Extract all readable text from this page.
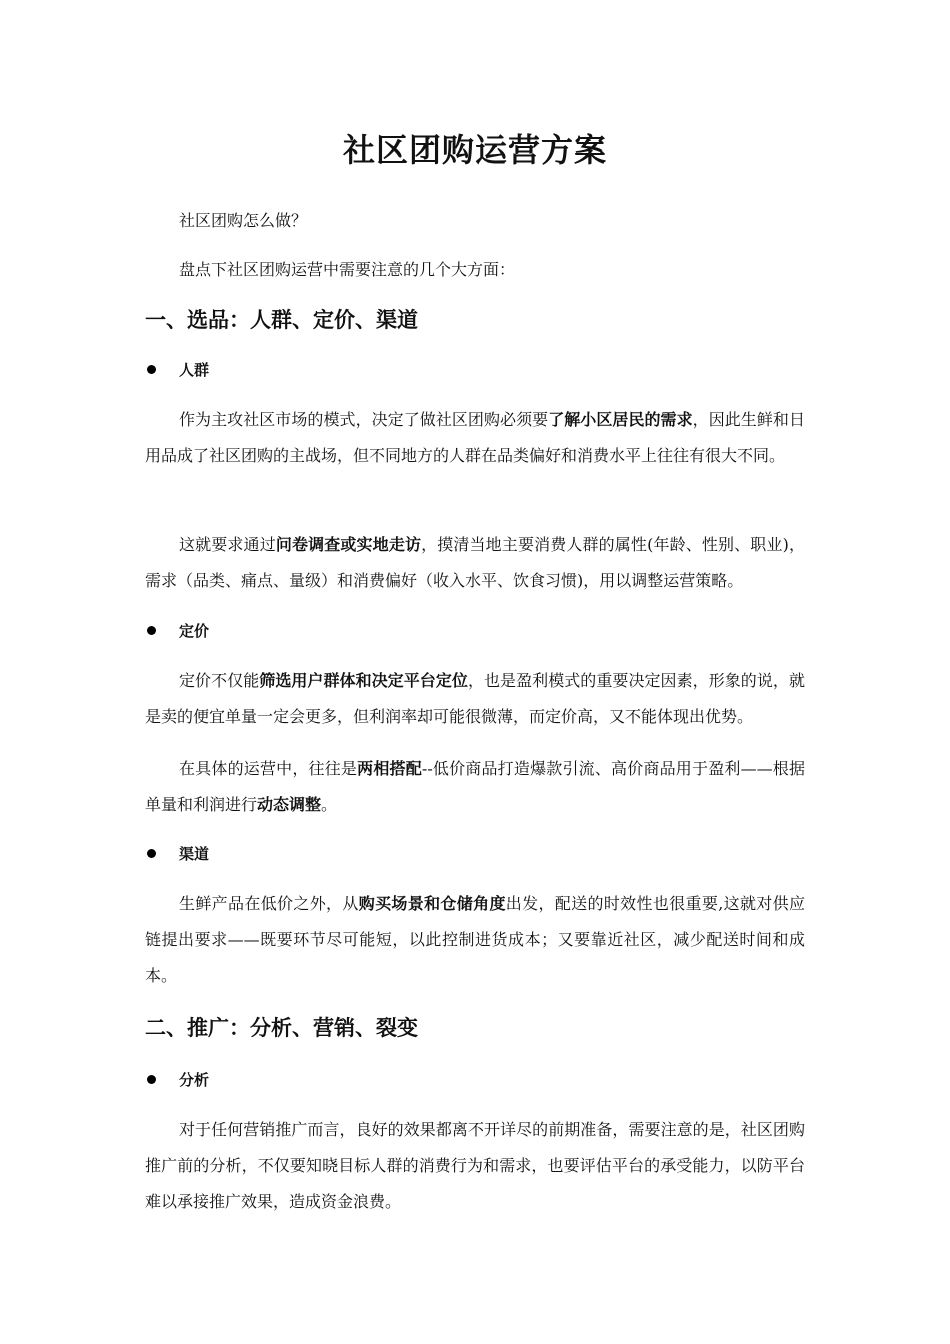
社区团购运营方案

社区团购怎么做？

盘点下社区团购运营中需要注意的几个大方面：

一、选品：人群、定价、渠道
人群

作为主攻社区市场的模式，决定了做社区团购必须要了解小区居民的需求，因此生鲜和日用品成了社区团购的主战场，但不同地方的人群在品类偏好和消费水平上往往有很大不同。

这就要求通过问卷调查或实地走访，摸清当地主要消费人群的属性(年龄、性别、职业)，需求（品类、痛点、量级）和消费偏好（收入水平、饮食习惯)，用以调整运营策略。

定价

定价不仅能筛选用户群体和决定平台定位，也是盈利模式的重要决定因素，形象的说，就是卖的便宜单量一定会更多，但利润率却可能很微薄，而定价高，又不能体现出优势。

在具体的运营中，往往是两相搭配--低价商品打造爆款引流、高价商品用于盈利——根据单量和利润进行动态调整。

渠道

生鲜产品在低价之外，从购买场景和仓储角度出发，配送的时效性也很重要,这就对供应链提出要求——既要环节尽可能短，以此控制进货成本；又要靠近社区，减少配送时间和成本。

二、推广：分析、营销、裂变
分析

对于任何营销推广而言，良好的效果都离不开详尽的前期准备，需要注意的是，社区团购推广前的分析，不仅要知晓目标人群的消费行为和需求，也要评估平台的承受能力，以防平台难以承接推广效果，造成资金浪费。
